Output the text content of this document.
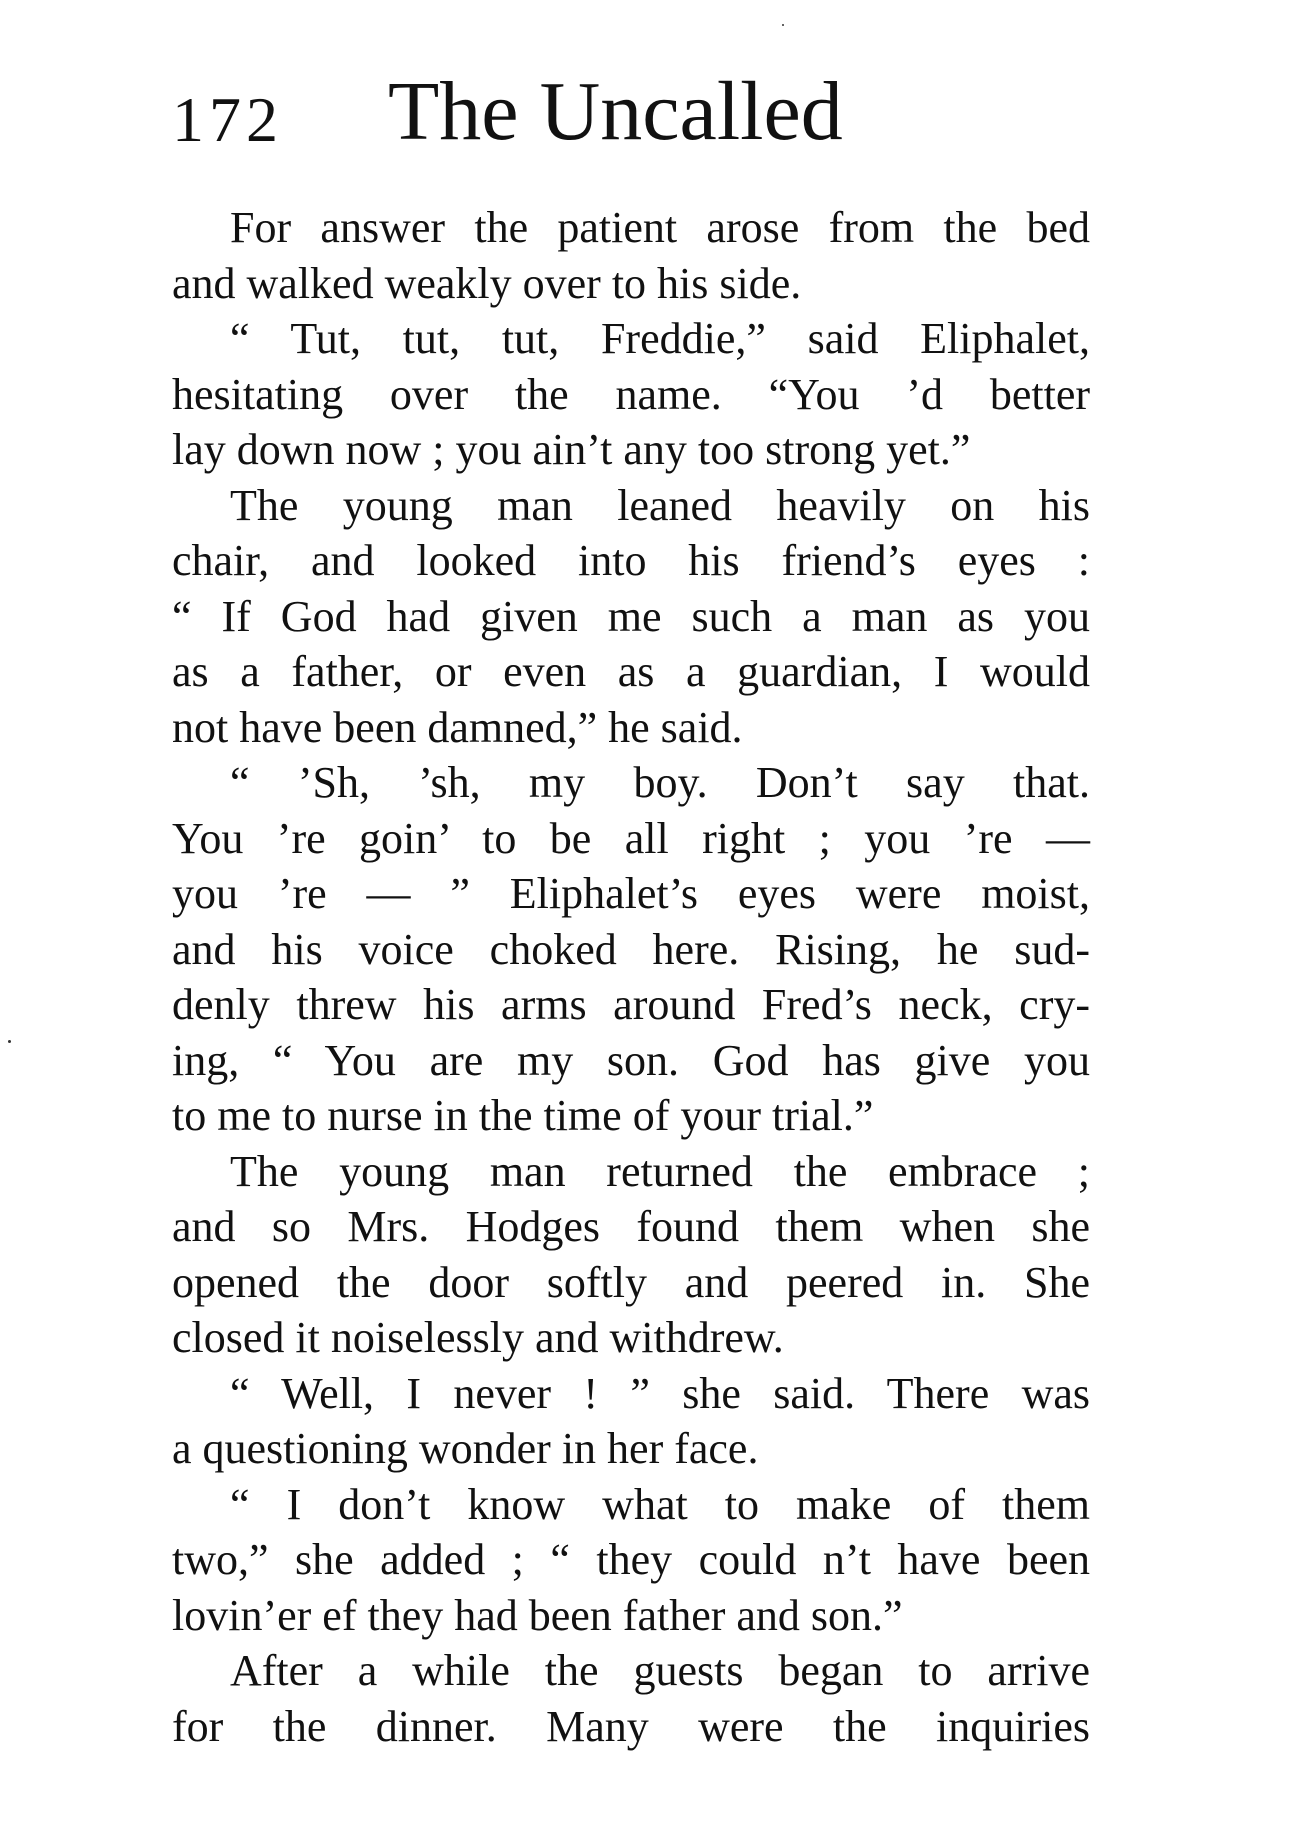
172 The Uncalled
For answer the patient arose from the bed
and walked weakly over to his side.
“ Tut, tut, tut, Freddie,” said Eliphalet,
hesitating over the name. “You ’d better
lay down now ; you ain’t any too strong yet.”
The young man leaned heavily on his
chair, and looked into his friend’s eyes :
“ If God had given me such a man as you
as a father, or even as a guardian, I would
not have been damned,” he said.
“ ’Sh, ’sh, my boy. Don’t say that.
You ’re goin’ to be all right ; you ’re —
you ’re — ” Eliphalet’s eyes were moist,
and his voice choked here. Rising, he sud-
denly threw his arms around Fred’s neck, cry-
ing, “ You are my son. God has give you
to me to nurse in the time of your trial.”
The young man returned the embrace ;
and so Mrs. Hodges found them when she
opened the door softly and peered in. She
closed it noiselessly and withdrew.
“ Well, I never ! ” she said. There was
a questioning wonder in her face.
“ I don’t know what to make of them
two,” she added ; “ they could n’t have been
lovin’er ef they had been father and son.”
After a while the guests began to arrive
for the dinner. Many were the inquiries
